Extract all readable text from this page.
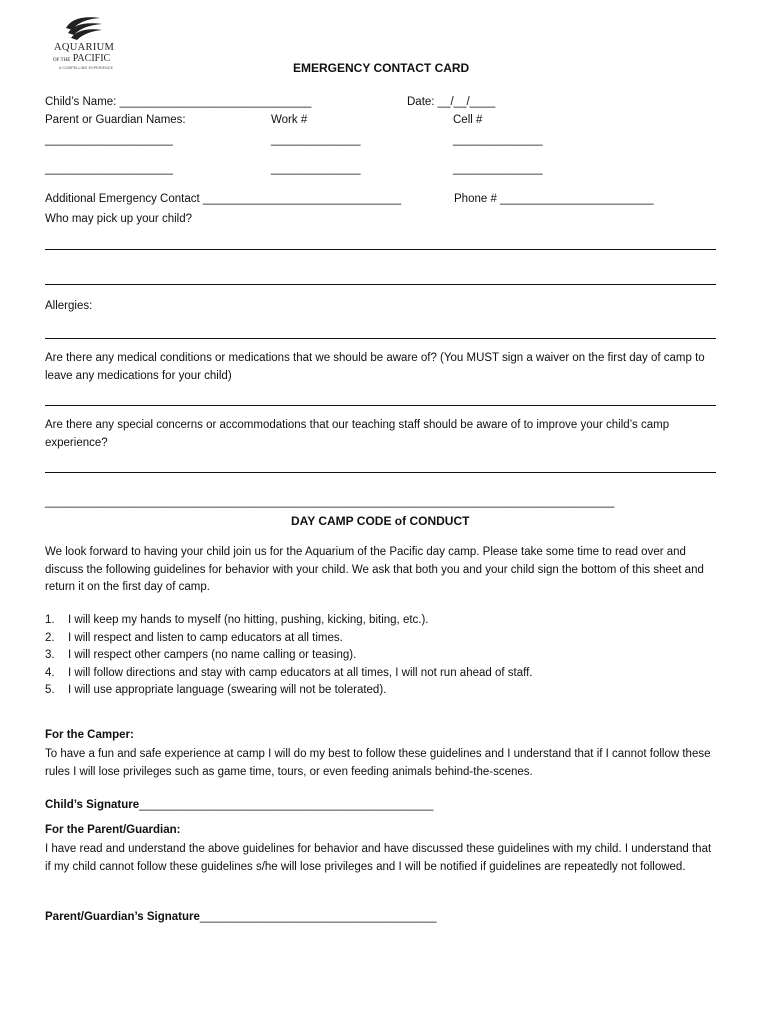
AQUARIUM
OF THE PACIFIC
A COMPELLING EXPERIENCE	EMERGENCY CONTACT CARD
Child’s Name: ______________________________	Date: __/__/____
Parent or Guardian Names:	Work #	Cell #
____________________	______________	______________
____________________	______________	______________
Additional Emergency Contact _______________________________	Phone # ________________________
Who may pick up your child?
Allergies:
Are there any medical conditions or medications that we should be aware of? (You MUST sign a waiver on the first day of camp to leave any medications for your child)
Are there any special concerns or accommodations that our teaching staff should be aware of to improve your child’s camp experience?
_________________________________________________________________________________________
DAY CAMP CODE of CONDUCT
We look forward to having your child join us for the Aquarium of the Pacific day camp. Please take some time to read over and discuss the following guidelines for behavior with your child. We ask that both you and your child sign the bottom of this sheet and return it on the first day of camp.
1. I will keep my hands to myself (no hitting, pushing, kicking, biting, etc.).
2. I will respect and listen to camp educators at all times.
3. I will respect other campers (no name calling or teasing).
4. I will follow directions and stay with camp educators at all times, I will not run ahead of staff.
5. I will use appropriate language (swearing will not be tolerated).
For the Camper:
To have a fun and safe experience at camp I will do my best to follow these guidelines and I understand that if I cannot follow these rules I will lose privileges such as game time, tours, or even feeding animals behind-the-scenes.
Child’s Signature______________________________________________
For the Parent/Guardian:
I have read and understand the above guidelines for behavior and have discussed these guidelines with my child. I understand that if my child cannot follow these guidelines s/he will lose privileges and I will be notified if guidelines are repeatedly not followed.
Parent/Guardian’s Signature_____________________________________
